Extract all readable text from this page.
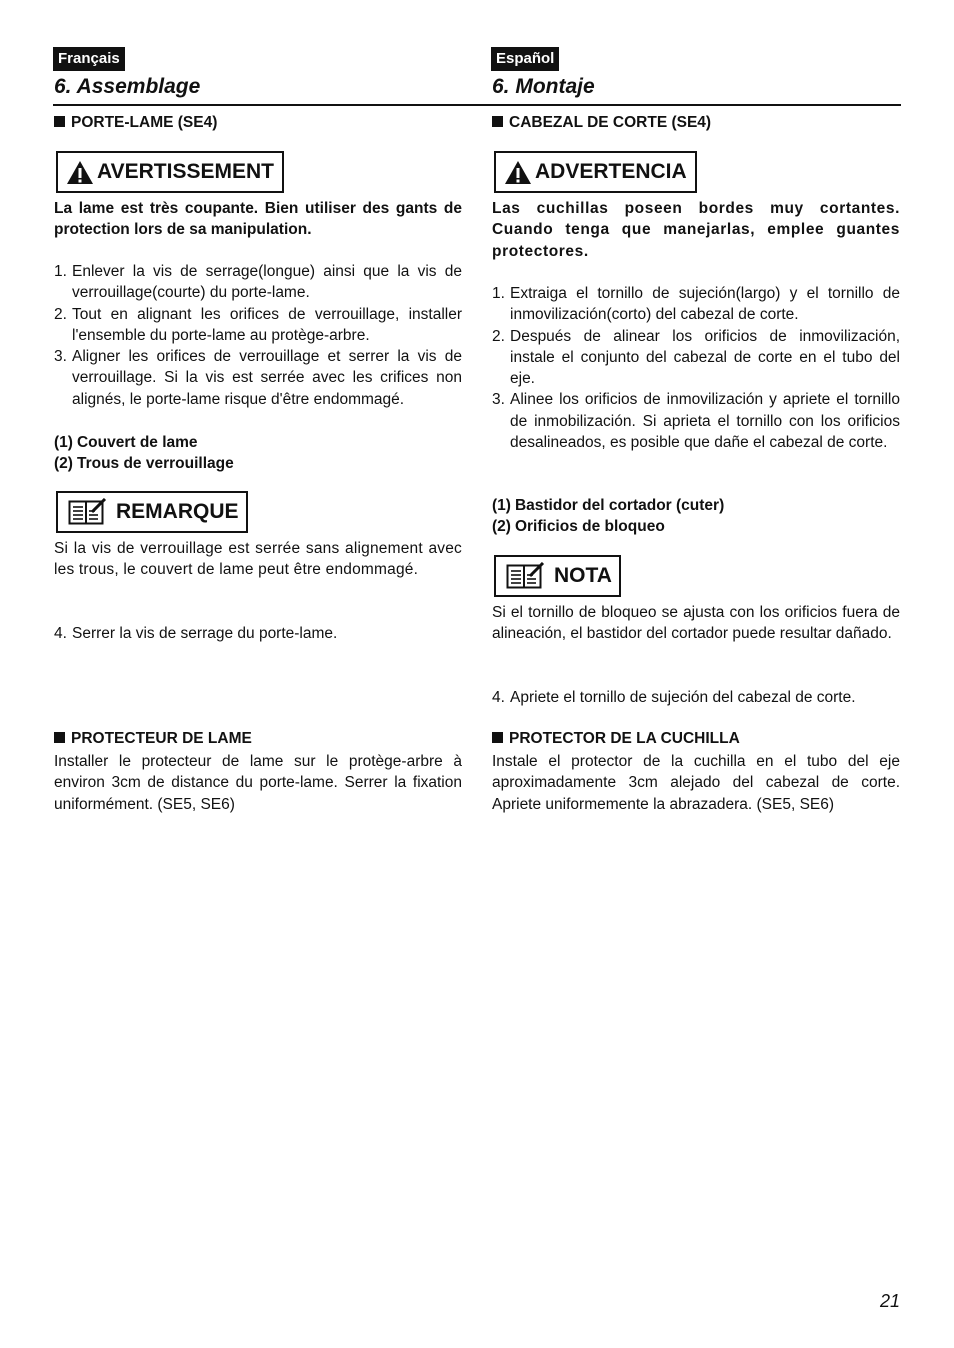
Français
6. Assemblage
PORTE-LAME (SE4)
AVERTISSEMENT
La lame est très coupante. Bien utiliser des gants de protection lors de sa manipulation.
1. Enlever la vis de serrage(longue) ainsi que la vis de verrouillage(courte) du porte-lame.
2. Tout en alignant les orifices de verrouillage, installer l'ensemble du porte-lame au protège-arbre.
3. Aligner les orifices de verrouillage et serrer la vis de verrouillage. Si la vis est serrée avec les crifices non alignés, le porte-lame risque d'être endommagé.
(1) Couvert de lame
(2) Trous de verrouillage
REMARQUE
Si la vis de verrouillage est serrée sans alignement avec les trous, le couvert de lame peut être endommagé.
4. Serrer la vis de serrage du porte-lame.
PROTECTEUR DE LAME
Installer le protecteur de lame sur le protège-arbre à environ 3cm de distance du porte-lame. Serrer la fixation uniformément. (SE5, SE6)
Español
6. Montaje
CABEZAL DE CORTE (SE4)
ADVERTENCIA
Las cuchillas poseen bordes muy cortantes. Cuando tenga que manejarlas, emplee guantes protectores.
1. Extraiga el tornillo de sujeción(largo) y el tornillo de inmovilización(corto) del cabezal de corte.
2. Después de alinear los orificios de inmovilización, instale el conjunto del cabezal de corte en el tubo del eje.
3. Alinee los orificios de inmovilización y apriete el tornillo de inmobilización. Si aprieta el tornillo con los orificios desalineados, es posible que dañe el cabezal de corte.
(1) Bastidor del cortador (cuter)
(2) Orificios de bloqueo
NOTA
Si el tornillo de bloqueo se ajusta con los orificios fuera de alineación, el bastidor del cortador puede resultar dañado.
4. Apriete el tornillo de sujeción del cabezal de corte.
PROTECTOR DE LA CUCHILLA
Instale el protector de la cuchilla en el tubo del eje aproximadamente 3cm alejado del cabezal de corte. Apriete uniformemente la abrazadera. (SE5, SE6)
21
